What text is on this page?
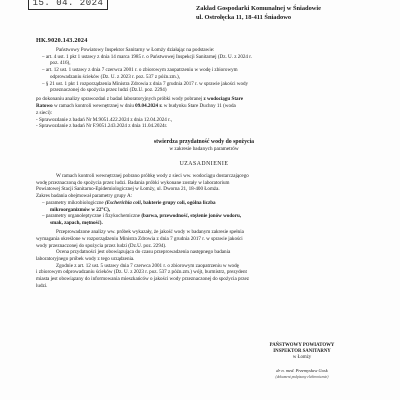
15. 04. 2024
Zakład Gospodarki Komunalnej w Śniadowie
ul. Ostrołęcka 11, 18-411 Śniadowo
HK.9020.143.2024

Państwowy Powiatowy Inspektor Sanitarny w Łomży działając na podstawie:

– art. 4 ust. 1 pkt 1 ustawy z dnia 14 marca 1985 r. o Państwowej Inspekcji Sanitarnej (Dz. U. z 2024 r.
poz. 416),
– art. 12 ust. 1 ustawy z dnia 7 czerwca 2001 r. o zbiorowym zaopatrzeniu w wodę i zbiorowym
odprowadzaniu ścieków (Dz. U. z 2023 r. poz. 537 z późn.zm.),
– § 21 ust. 1 pkt 1 rozporządzenia Ministra Zdrowia z dnia 7 grudnia 2017 r. w sprawie jakości wody
przeznaczonej do spożycia przez ludzi (Dz.U. poz. 2294)
po dokonaniu analizy sprawozdań z badań laboratoryjnych próbki wody pobranej z wodociągu Stare
Ratowo w ramach kontroli wewnętrznej w dniu 09.04.2024 r. w budynku Stare Duchny 11 (woda
z sieci):
- Sprawozdanie z badań Nr M.9051.422.2024 z dnia 12.04.2024 r.,
- Sprawozdanie z badań Nr F.9051.243.2024 z dnia 11.04.2024r.
stwierdza przydatność wody do spożycia
w zakresie badanych parametrów
UZASADNIENIE
W ramach kontroli wewnętrznej pobrano próbkę wody z sieci ww. wodociągu dostarczającego
wodę przeznaczoną do spożycia przez ludzi. Badania próbki wykonane zostały w laboratorium
Powiatowej Stacji Sanitarno-Epidemiologicznej w Łomży, ul. Dworna 21, 18-400 Łomża.
Zakres badania obejmował parametry grupy A:
– parametry mikrobiologiczne (Escherichia coli, bakterie grupy coli, ogólna liczba
mikroorganizmów w 22°C),
– parametry organoleptyczne i fizykochemiczne (barwa, przewodność, stężenie jonów wodoru,
smak, zapach, mętność).
Przeprowadzone analizy ww. próbek wykazały, że jakość wody w badanym zakresie spełnia
wymagania określone w rozporządzeniu Ministra Zdrowia z dnia 7 grudnia 2017 r. w sprawie jakości
wody przeznaczonej do spożycia przez ludzi (Dz.U. poz. 2294).
Ocena przydatności jest obowiązująca do czasu przeprowadzenia następnego badania
laboratoryjnego próbek wody z tego urządzenia.
Zgodnie z art. 12 ust. 5 ustawy dnia 7 czerwca 2001 r. o zbiorowym zaopatrzeniu w wodę
i zbiorowym odprowadzaniu ścieków (Dz. U. z 2023 r. poz. 537 z późn.zm.) wójt, burmistrz, prezydent
miasta jest obowiązany do informowania mieszkańców o jakości wody przeznaczonej do spożycia przez
ludzi.
PAŃSTWOWY POWIATOWY
INSPEKTOR SANITARNY
w Łomży
dr n. med. Przemysław Gosk
(dokument podpisany elektronicznie)
